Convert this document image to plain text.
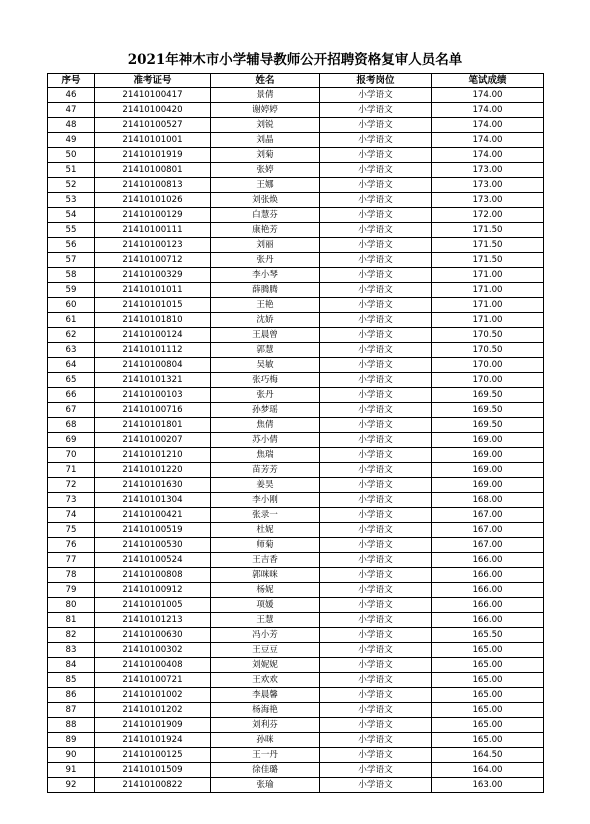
2021年神木市小学辅导教师公开招聘资格复审人员名单
序号	准考证号	姓名	报考岗位	笔试成绩
46	21410100417	景倩	小学语文	174.00
47	21410100420	谢婷婷	小学语文	174.00
48	21410100527	刘锐	小学语文	174.00
49	21410101001	刘晶	小学语文	174.00
50	21410101919	刘菊	小学语文	174.00
51	21410100801	张婷	小学语文	173.00
52	21410100813	王娜	小学语文	173.00
53	21410101026	刘张焕	小学语文	173.00
54	21410100129	白慧芬	小学语文	172.00
55	21410100111	康艳芳	小学语文	171.50
56	21410100123	刘丽	小学语文	171.50
57	21410100712	张丹	小学语文	171.50
58	21410100329	李小琴	小学语文	171.00
59	21410101011	薛腾腾	小学语文	171.00
60	21410101015	王艳	小学语文	171.00
61	21410101810	沈娇	小学语文	171.00
62	21410100124	王晨曾	小学语文	170.50
63	21410101112	郭慧	小学语文	170.50
64	21410100804	吴敏	小学语文	170.00
65	21410101321	张巧梅	小学语文	170.00
66	21410100103	张丹	小学语文	169.50
67	21410100716	孙梦瑶	小学语文	169.50
68	21410101801	焦倩	小学语文	169.50
69	21410100207	苏小倩	小学语文	169.00
70	21410101210	焦瑞	小学语文	169.00
71	21410101220	苗芳芳	小学语文	169.00
72	21410101630	姜昊	小学语文	169.00
73	21410101304	李小刚	小学语文	168.00
74	21410100421	张录一	小学语文	167.00
75	21410100519	杜妮	小学语文	167.00
76	21410100530	师菊	小学语文	167.00
77	21410100524	王吉香	小学语文	166.00
78	21410100808	郭咪咪	小学语文	166.00
79	21410100912	杨妮	小学语文	166.00
80	21410101005	项媛	小学语文	166.00
81	21410101213	王慧	小学语文	166.00
82	21410100630	冯小芳	小学语文	165.50
83	21410100302	王豆豆	小学语文	165.00
84	21410100408	刘妮妮	小学语文	165.00
85	21410100721	王欢欢	小学语文	165.00
86	21410101002	李晨馨	小学语文	165.00
87	21410101202	杨海艳	小学语文	165.00
88	21410101909	刘利芬	小学语文	165.00
89	21410101924	孙咪	小学语文	165.00
90	21410100125	王一丹	小学语文	164.50
91	21410101509	徐佳璐	小学语文	164.00
92	21410100822	张瑜	小学语文	163.00
